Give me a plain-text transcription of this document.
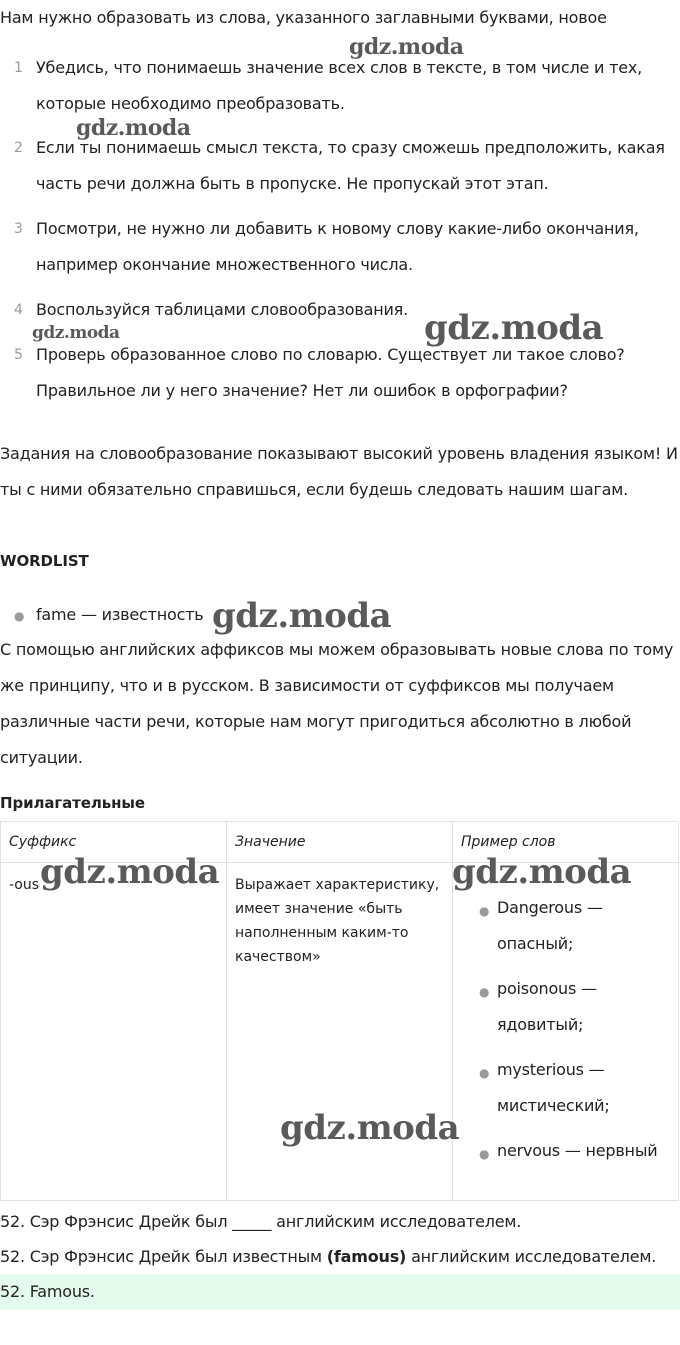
Нам нужно образовать из слова, указанного заглавными буквами, новое
1 Убедись, что понимаешь значение всех слов в тексте, в том числе и тех, которые необходимо преобразовать.
2 Если ты понимаешь смысл текста, то сразу сможешь предположить, какая часть речи должна быть в пропуске. Не пропускай этот этап.
3 Посмотри, не нужно ли добавить к новому слову какие-либо окончания, например окончание множественного числа.
4 Воспользуйся таблицами словообразования.
5 Проверь образованное слово по словарю. Существует ли такое слово? Правильное ли у него значение? Нет ли ошибок в орфографии?
Задания на словообразование показывают высокий уровень владения языком! И ты с ними обязательно справишься, если будешь следовать нашим шагам.
WORDLIST
● fame — известность
С помощью английских аффиксов мы можем образовывать новые слова по тому же принципу, что и в русском. В зависимости от суффиксов мы получаем различные части речи, которые нам могут пригодиться абсолютно в любой ситуации.
Прилагательные
Суффикс	Значение	Пример слов
-ous	Выражает характеристику, имеет значение «быть наполненным каким-то качеством»
● Dangerous — опасный;
● poisonous — ядовитый;
● mysterious — мистический;
● nervous — нервный
52. Сэр Фрэнсис Дрейк был _____ английским исследователем.
52. Сэр Фрэнсис Дрейк был известным (famous) английским исследователем.
52. Famous.
gdz.moda
gdz.moda
gdz.moda	gdz.moda
gdz.moda
gdz.moda	gdz.moda
gdz.moda
